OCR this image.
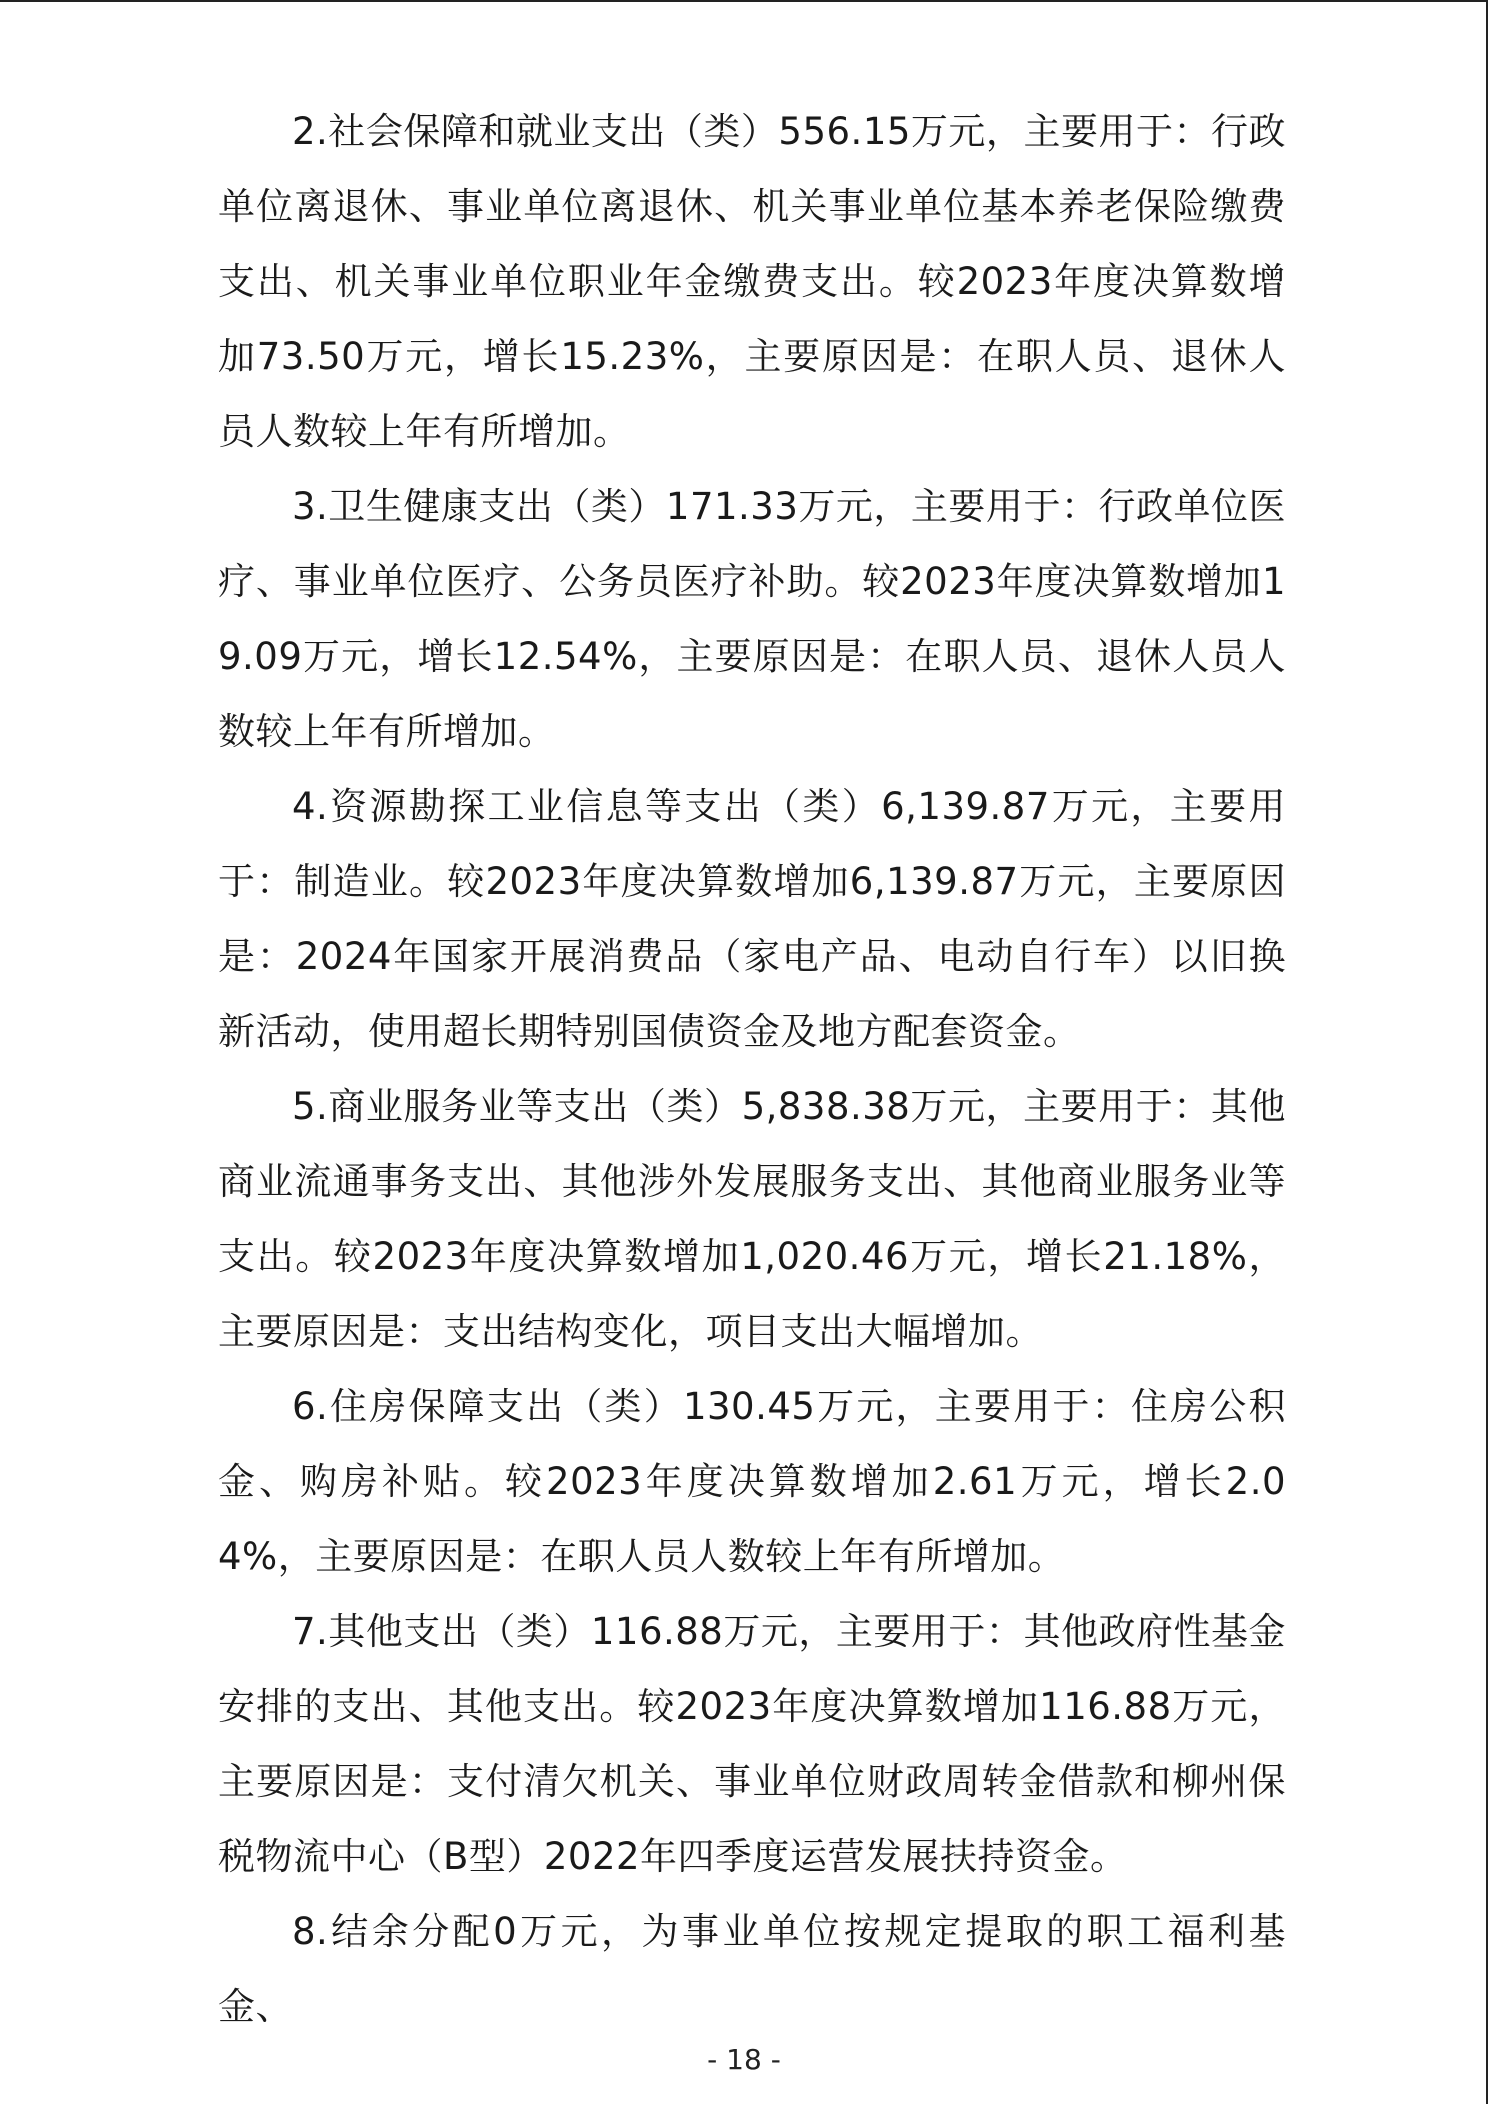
2.社会保障和就业支出（类）556.15万元，主要用于：行政单位离退休、事业单位离退休、机关事业单位基本养老保险缴费支出、机关事业单位职业年金缴费支出。较2023年度决算数增加73.50万元，增长15.23%，主要原因是：在职人员、退休人员人数较上年有所增加。

3.卫生健康支出（类）171.33万元，主要用于：行政单位医疗、事业单位医疗、公务员医疗补助。较2023年度决算数增加19.09万元，增长12.54%，主要原因是：在职人员、退休人员人数较上年有所增加。

4.资源勘探工业信息等支出（类）6,139.87万元，主要用于：制造业。较2023年度决算数增加6,139.87万元，主要原因是：2024年国家开展消费品（家电产品、电动自行车）以旧换新活动，使用超长期特别国债资金及地方配套资金。

5.商业服务业等支出（类）5,838.38万元，主要用于：其他商业流通事务支出、其他涉外发展服务支出、其他商业服务业等支出。较2023年度决算数增加1,020.46万元，增长21.18%，主要原因是：支出结构变化，项目支出大幅增加。

6.住房保障支出（类）130.45万元，主要用于：住房公积金、购房补贴。较2023年度决算数增加2.61万元，增长2.04%，主要原因是：在职人员人数较上年有所增加。

7.其他支出（类）116.88万元，主要用于：其他政府性基金安排的支出、其他支出。较2023年度决算数增加116.88万元，主要原因是：支付清欠机关、事业单位财政周转金借款和柳州保税物流中心（B型）2022年四季度运营发展扶持资金。

8.结余分配0万元，为事业单位按规定提取的职工福利基金、

- 18 -
